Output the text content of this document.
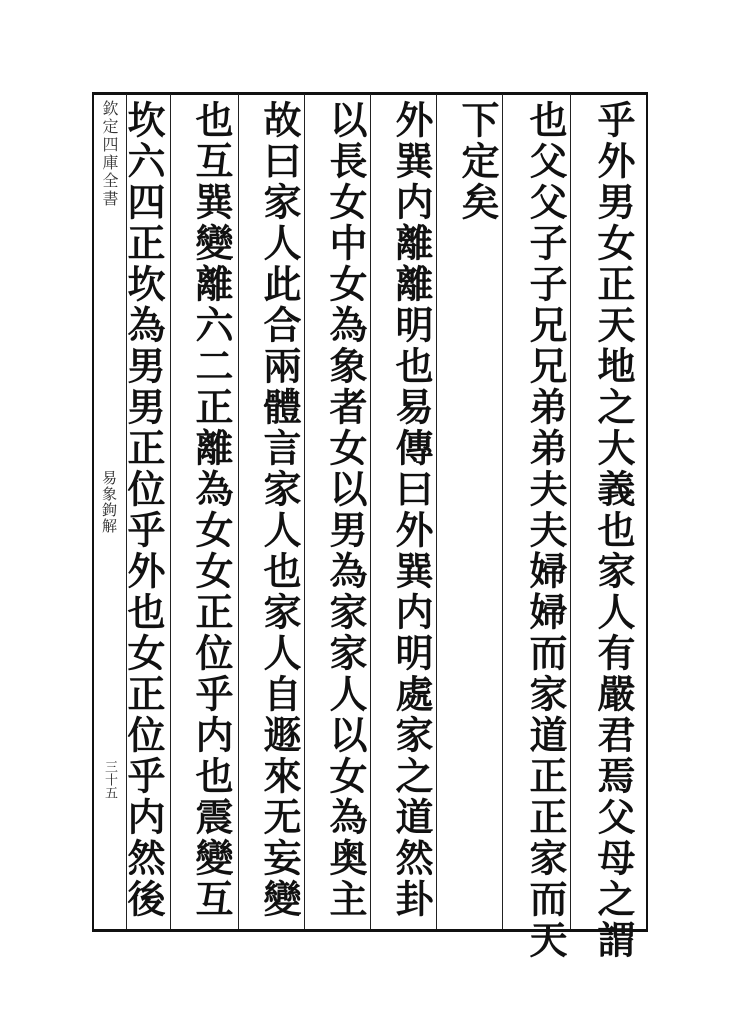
欽定四庫全書
易象鉤解
三十五	乎外男女正天地之大義也家人有嚴君焉父母之謂
也父父子子兄兄弟弟夫夫婦婦而家道正正家而天
下定矣
外巽内離離明也易傳曰外巽内明處家之道然卦
以長女中女為象者女以男為家家人以女為奥主
故曰家人此合兩體言家人也家人自遯來无妄變
也互巽變離六二正離為女女正位乎内也震變互
坎六四正坎為男男正位乎外也女正位乎内然後
